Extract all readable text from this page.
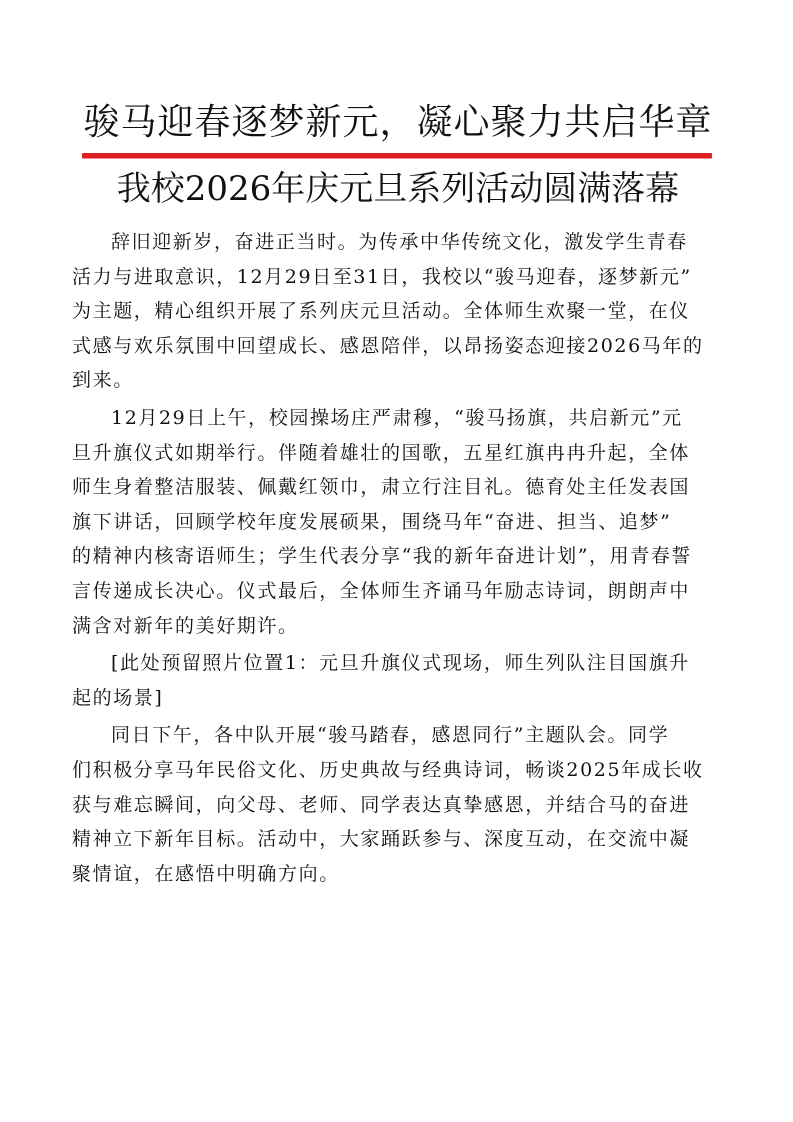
骏马迎春逐梦新元，凝心聚力共启华章
我校2026年庆元旦系列活动圆满落幕
辞旧迎新岁，奋进正当时。为传承中华传统文化，激发学生青春
活力与进取意识，12月29日至31日，我校以“骏马迎春，逐梦新元”
为主题，精心组织开展了系列庆元旦活动。全体师生欢聚一堂，在仪
式感与欢乐氛围中回望成长、感恩陪伴，以昂扬姿态迎接2026马年的
到来。
12月29日上午，校园操场庄严肃穆，“骏马扬旗，共启新元”元
旦升旗仪式如期举行。伴随着雄壮的国歌，五星红旗冉冉升起，全体
师生身着整洁服装、佩戴红领巾，肃立行注目礼。德育处主任发表国
旗下讲话，回顾学校年度发展硕果，围绕马年“奋进、担当、追梦”
的精神内核寄语师生；学生代表分享“我的新年奋进计划”，用青春誓
言传递成长决心。仪式最后，全体师生齐诵马年励志诗词，朗朗声中
满含对新年的美好期许。
[此处预留照片位置1：元旦升旗仪式现场，师生列队注目国旗升
起的场景]
同日下午，各中队开展“骏马踏春，感恩同行”主题队会。同学
们积极分享马年民俗文化、历史典故与经典诗词，畅谈2025年成长收
获与难忘瞬间，向父母、老师、同学表达真挚感恩，并结合马的奋进
精神立下新年目标。活动中，大家踊跃参与、深度互动，在交流中凝
聚情谊，在感悟中明确方向。
